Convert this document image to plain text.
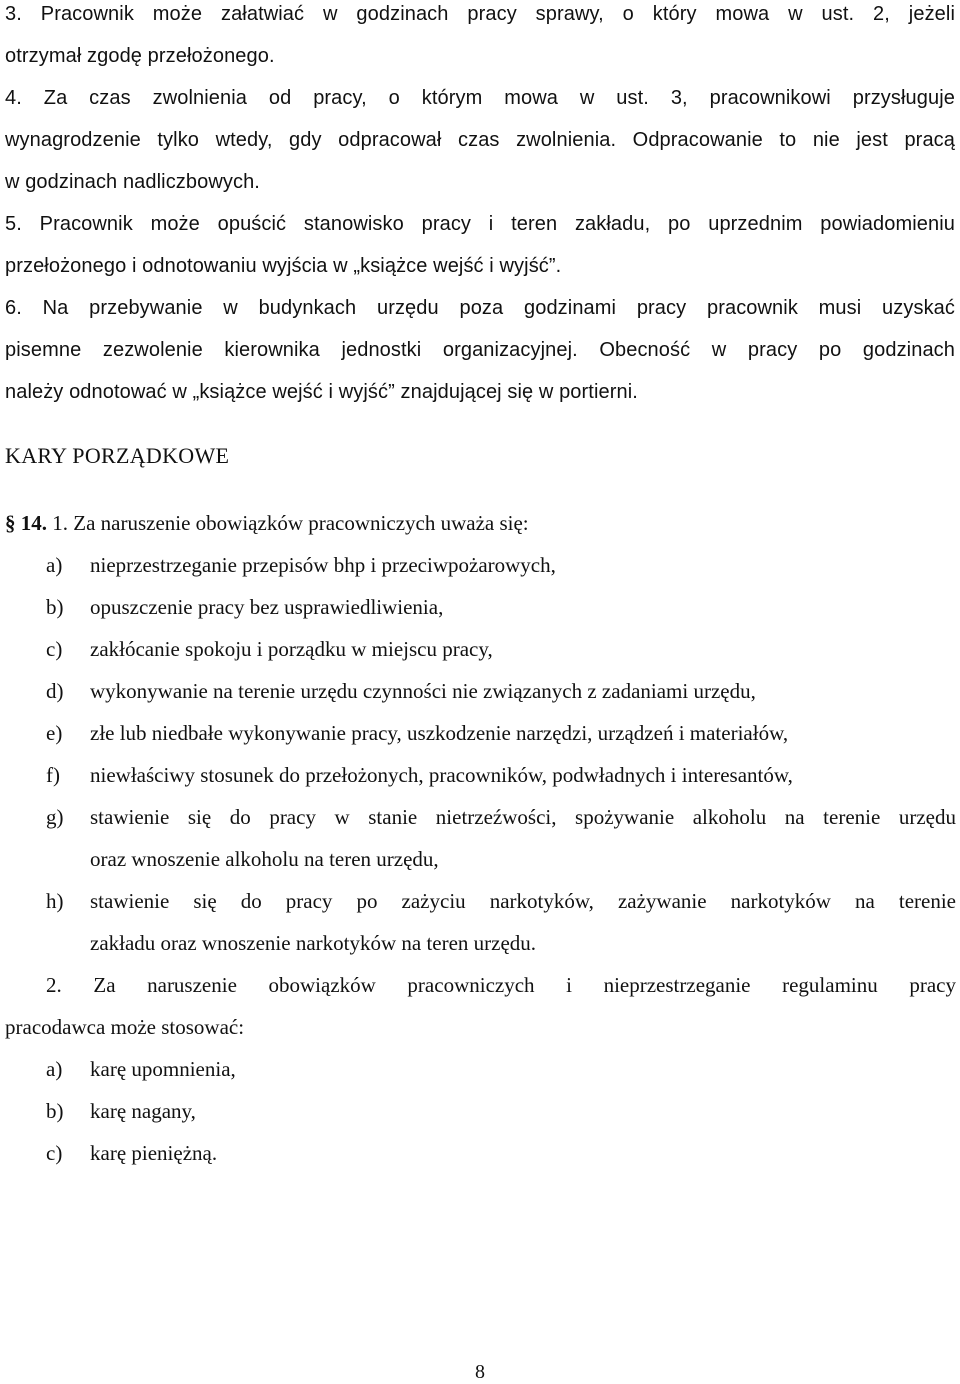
3. Pracownik może załatwiać w godzinach pracy sprawy, o który mowa w ust. 2, jeżeli
otrzymał zgodę przełożonego.
4. Za czas zwolnienia od pracy, o którym mowa w ust. 3, pracownikowi przysługuje
wynagrodzenie tylko wtedy, gdy odpracował czas zwolnienia. Odpracowanie to nie jest pracą
w godzinach nadliczbowych.
5. Pracownik może opuścić stanowisko pracy i teren zakładu, po uprzednim powiadomieniu
przełożonego i odnotowaniu wyjścia w „książce wejść i wyjść”.
6. Na przebywanie w budynkach urzędu poza godzinami pracy pracownik musi uzyskać
pisemne zezwolenie kierownika jednostki organizacyjnej. Obecność w pracy po godzinach
należy odnotować w „książce wejść i wyjść” znajdującej się w portierni.
KARY PORZĄDKOWE
§ 14. 1. Za naruszenie obowiązków pracowniczych uważa się:
a) nieprzestrzeganie przepisów bhp i przeciwpożarowych,
b) opuszczenie pracy bez usprawiedliwienia,
c) zakłócanie spokoju i porządku w miejscu pracy,
d) wykonywanie na terenie urzędu czynności nie związanych z zadaniami urzędu,
e) złe lub niedbałe wykonywanie pracy, uszkodzenie narzędzi, urządzeń i materiałów,
f) niewłaściwy stosunek do przełożonych, pracowników, podwładnych i interesantów,
g) stawienie się do pracy w stanie nietrzeźwości, spożywanie alkoholu na terenie urzędu
oraz wnoszenie alkoholu na teren urzędu,
h) stawienie się do pracy po zażyciu narkotyków, zażywanie narkotyków na terenie
zakładu oraz wnoszenie narkotyków na teren urzędu.
2. Za naruszenie obowiązków pracowniczych i nieprzestrzeganie regulaminu pracy
pracodawca może stosować:
a) karę upomnienia,
b) karę nagany,
c) karę pieniężną.
8
